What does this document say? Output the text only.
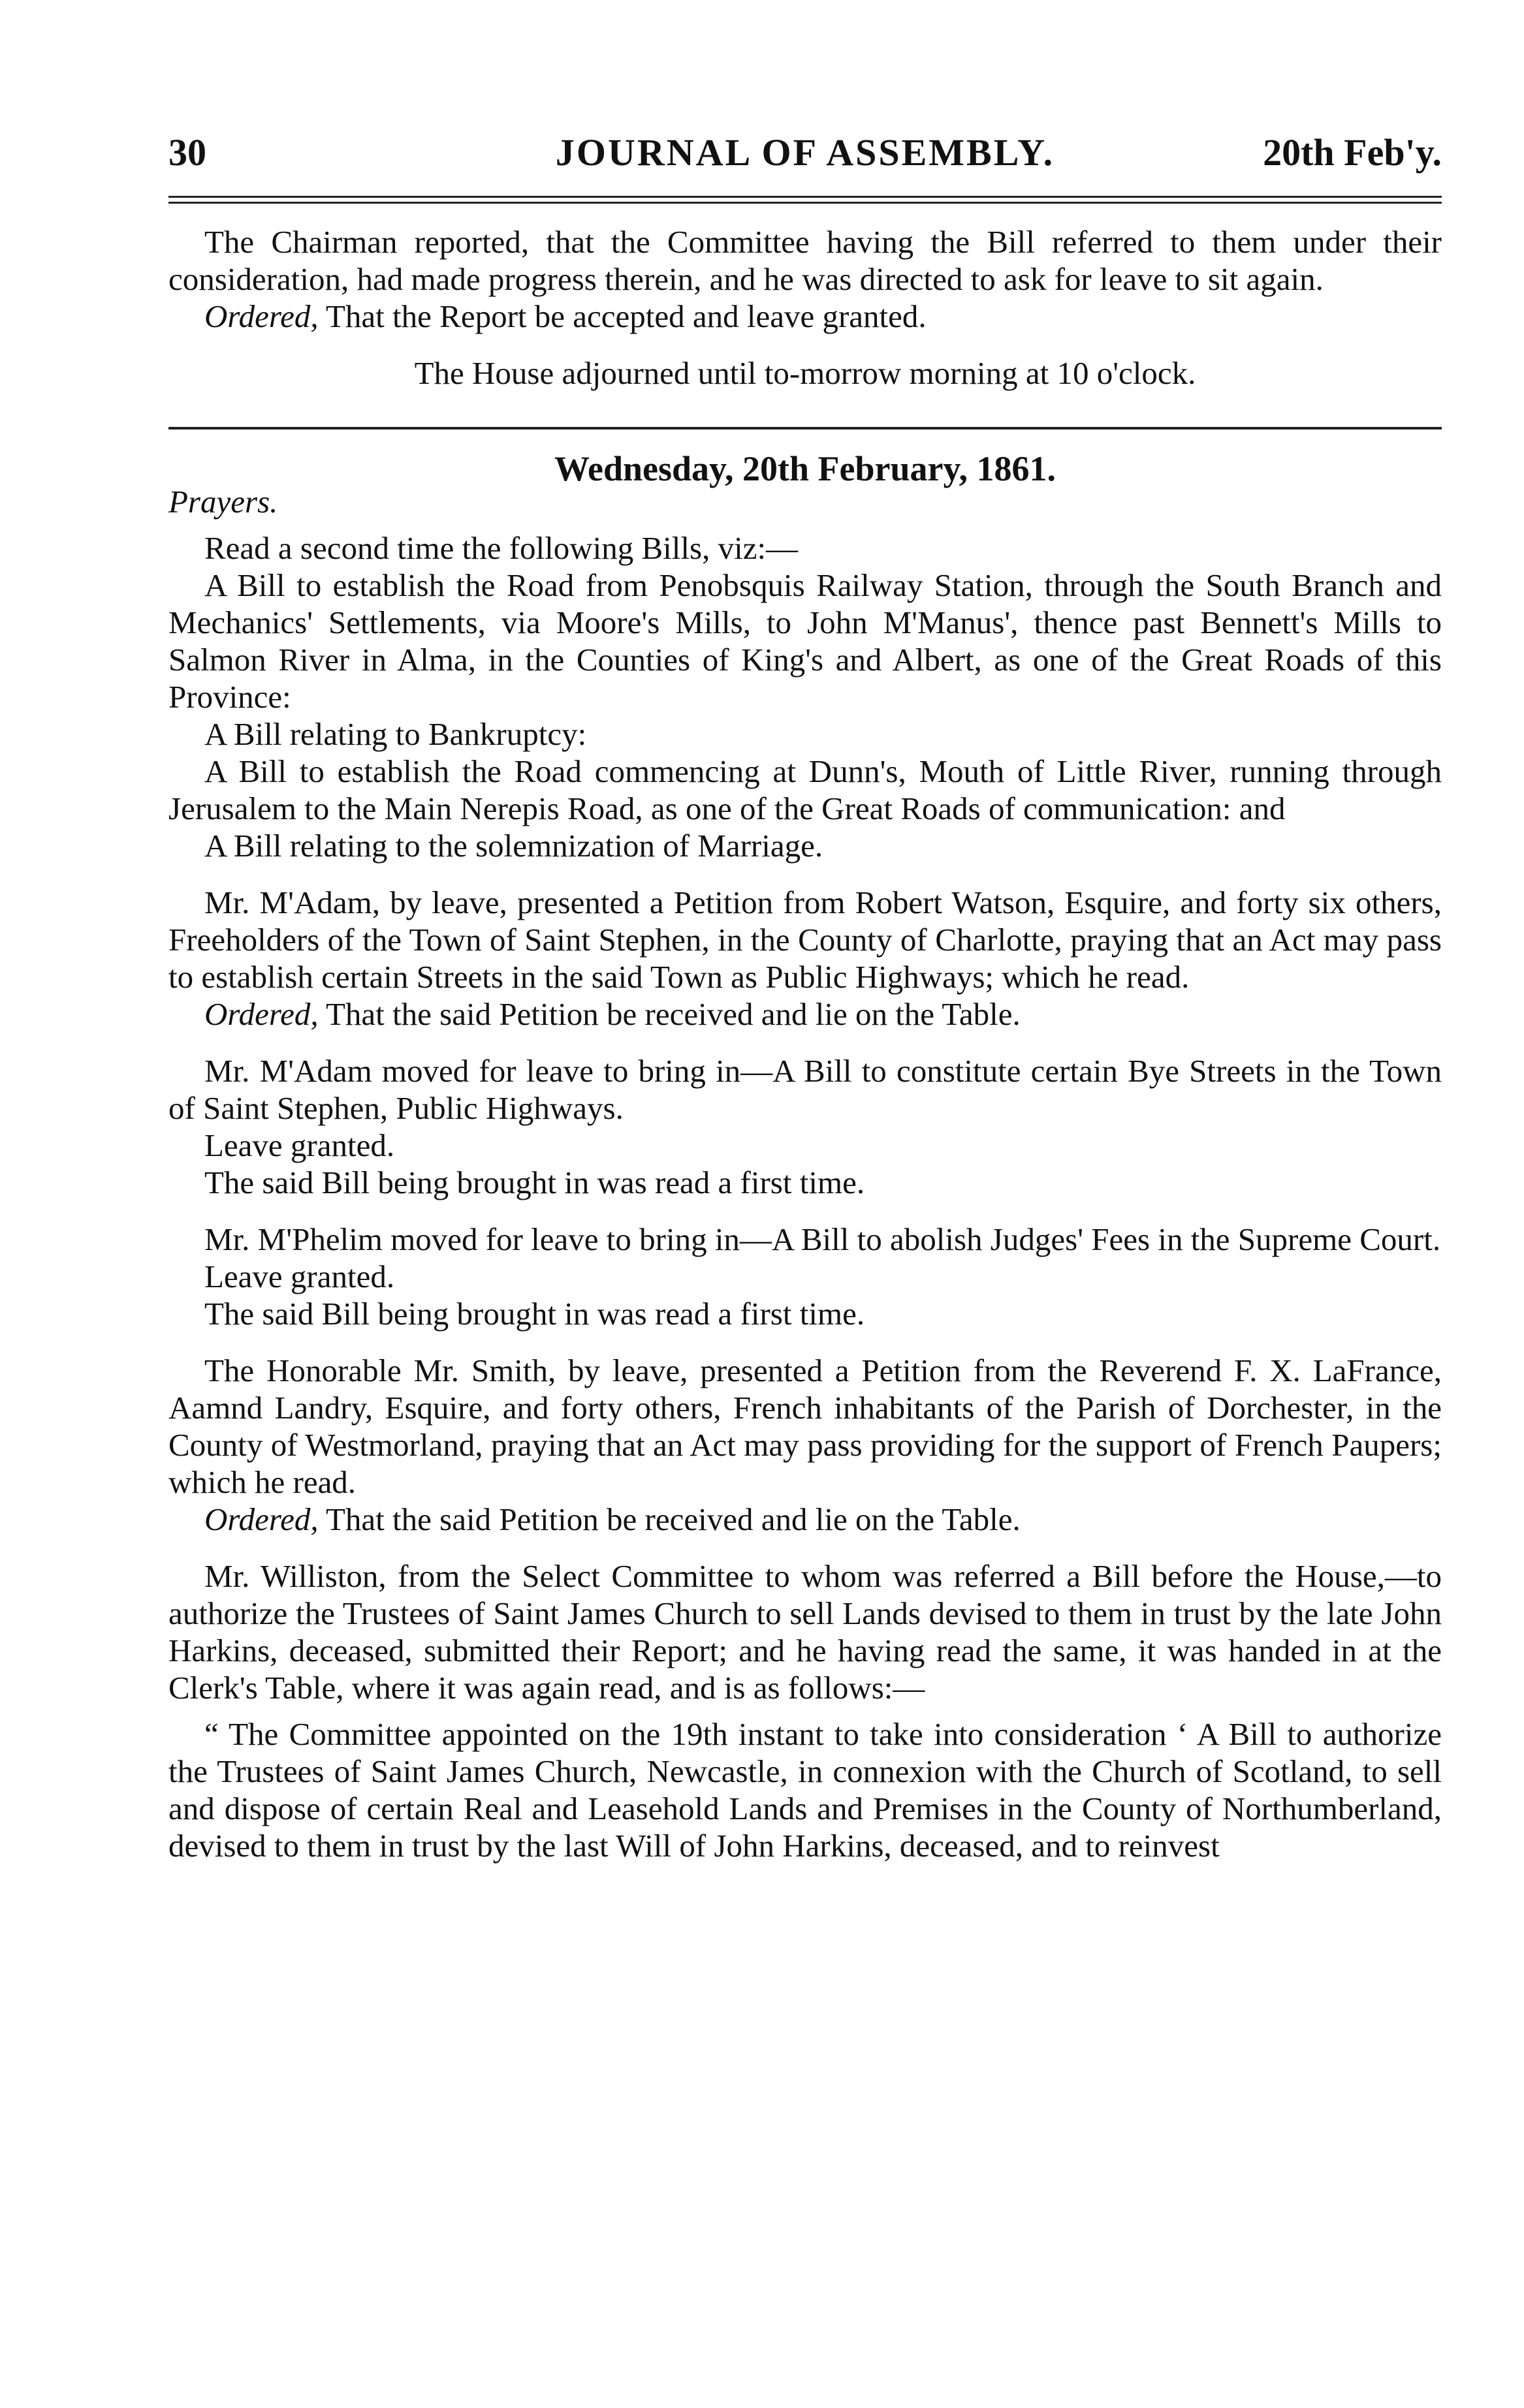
30	JOURNAL OF ASSEMBLY.	20th Feb'y.

The Chairman reported, that the Committee having the Bill referred to them under their consideration, had made progress therein, and he was directed to ask for leave to sit again.

Ordered, That the Report be accepted and leave granted.

The House adjourned until to-morrow morning at 10 o'clock.

Wednesday, 20th February, 1861.

Prayers.

Read a second time the following Bills, viz:—

A Bill to establish the Road from Penobsquis Railway Station, through the South Branch and Mechanics' Settlements, via Moore's Mills, to John M'Manus', thence past Bennett's Mills to Salmon River in Alma, in the Counties of King's and Albert, as one of the Great Roads of this Province:

A Bill relating to Bankruptcy:

A Bill to establish the Road commencing at Dunn's, Mouth of Little River, running through Jerusalem to the Main Nerepis Road, as one of the Great Roads of communication: and

A Bill relating to the solemnization of Marriage.

Mr. M'Adam, by leave, presented a Petition from Robert Watson, Esquire, and forty six others, Freeholders of the Town of Saint Stephen, in the County of Charlotte, praying that an Act may pass to establish certain Streets in the said Town as Public Highways; which he read.

Ordered, That the said Petition be received and lie on the Table.

Mr. M'Adam moved for leave to bring in—A Bill to constitute certain Bye Streets in the Town of Saint Stephen, Public Highways.

Leave granted.

The said Bill being brought in was read a first time.

Mr. M'Phelim moved for leave to bring in—A Bill to abolish Judges' Fees in the Supreme Court.

Leave granted.

The said Bill being brought in was read a first time.

The Honorable Mr. Smith, by leave, presented a Petition from the Reverend F. X. LaFrance, Aamnd Landry, Esquire, and forty others, French inhabitants of the Parish of Dorchester, in the County of Westmorland, praying that an Act may pass providing for the support of French Paupers; which he read.

Ordered, That the said Petition be received and lie on the Table.

Mr. Williston, from the Select Committee to whom was referred a Bill before the House,—to authorize the Trustees of Saint James Church to sell Lands devised to them in trust by the late John Harkins, deceased, submitted their Report; and he having read the same, it was handed in at the Clerk's Table, where it was again read, and is as follows:—

“ The Committee appointed on the 19th instant to take into consideration ‘ A Bill to authorize the Trustees of Saint James Church, Newcastle, in connexion with the Church of Scotland, to sell and dispose of certain Real and Leasehold Lands and Premises in the County of Northumberland, devised to them in trust by the last Will of John Harkins, deceased, and to reinvest
